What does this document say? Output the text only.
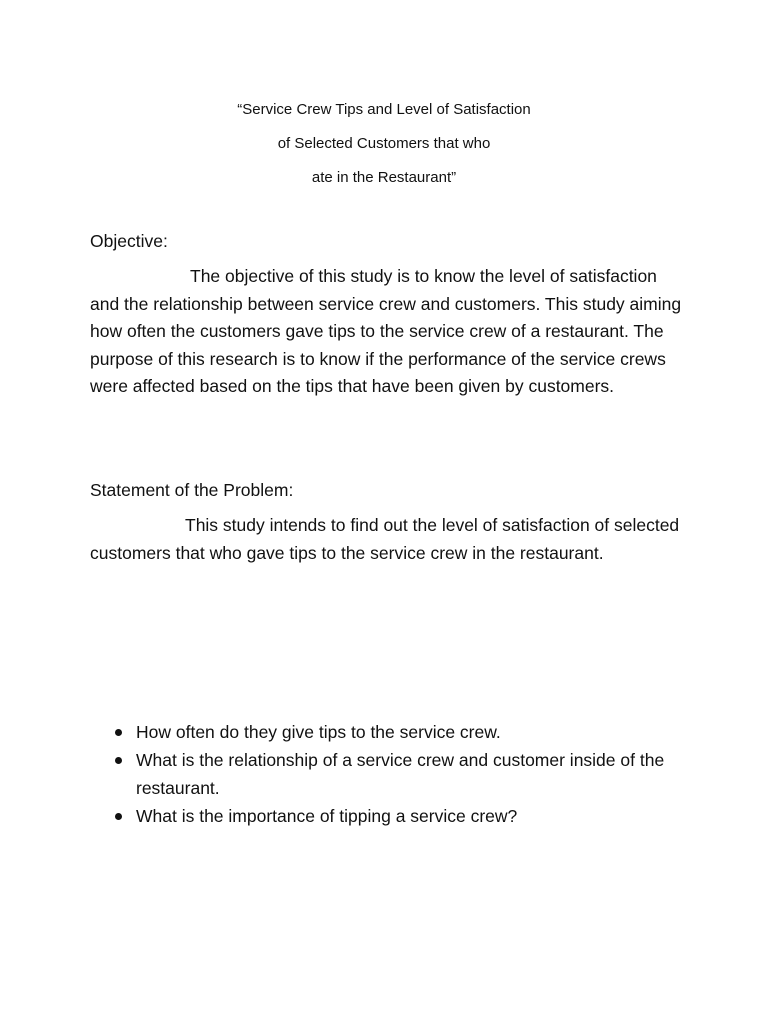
“Service Crew Tips and Level of Satisfaction
of Selected Customers that who
ate in the Restaurant”
Objective:
The objective of this study is to know the level of satisfaction and the relationship between service crew and customers. This study aiming how often the customers gave tips to the service crew of a restaurant. The purpose of this research is to know if the performance of the service crews were affected based on the tips that have been given by customers.
Statement of the Problem:
This study intends to find out the level of satisfaction of selected customers that who gave tips to the service crew in the restaurant.
How often do they give tips to the service crew.
What is the relationship of a service crew and customer inside of the restaurant.
What is the importance of tipping a service crew?
